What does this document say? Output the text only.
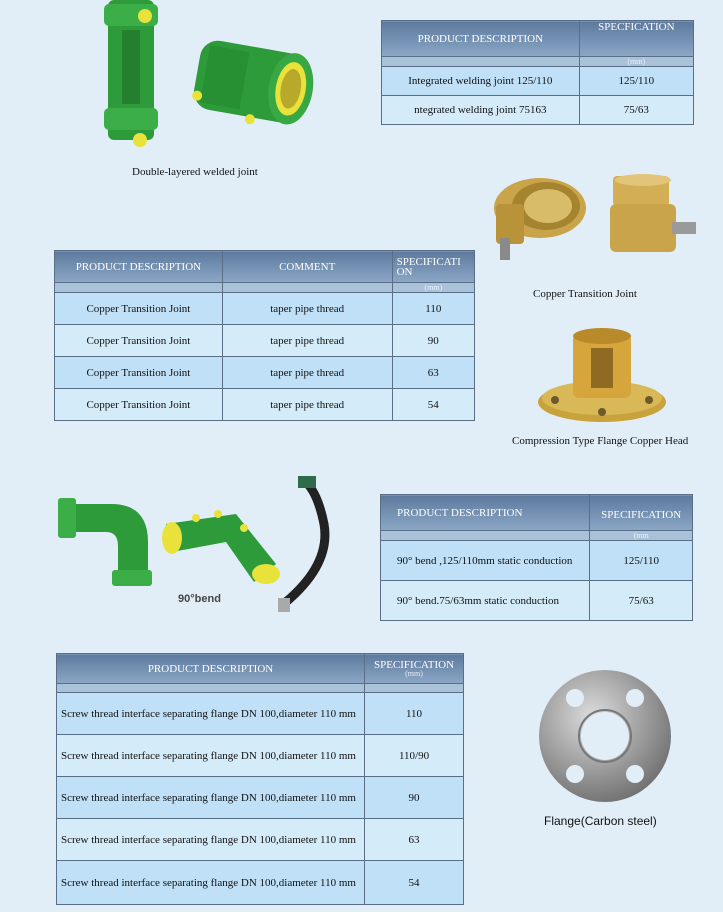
Double-layered welded joint
PRODUCT DESCRIPTION	SPECFICATION
	(mm)
Integrated welding joint 125/110	125/110
ntegrated welding joint 75163	75/63
Copper Transition Joint
Compression Type Flange Copper Head
PRODUCT DESCRIPTION	COMMENT	SPECIFICATI ON
		(mm)
Copper Transition Joint	taper pipe thread	110
Copper Transition Joint	taper pipe thread	90
Copper Transition Joint	taper pipe thread	63
Copper Transition Joint	taper pipe thread	54
90°bend
PRODUCT DESCRIPTION	SPECIFICATION
	(mm
90° bend ,125/110mm static conduction	125/110
90° bend.75/63mm static conduction	75/63
PRODUCT DESCRIPTION	SPECIFICATION
(mm)

Screw thread interface separating flange DN 100,diameter 110 mm	110
Screw thread interface separating flange DN 100,diameter 110 mm	110/90
Screw thread interface separating flange DN 100,diameter 110 mm	90
Screw thread interface separating flange DN 100,diameter 110 mm	63
Screw thread interface separating flange DN 100,diameter 110 mm	54
Flange(Carbon steel)
